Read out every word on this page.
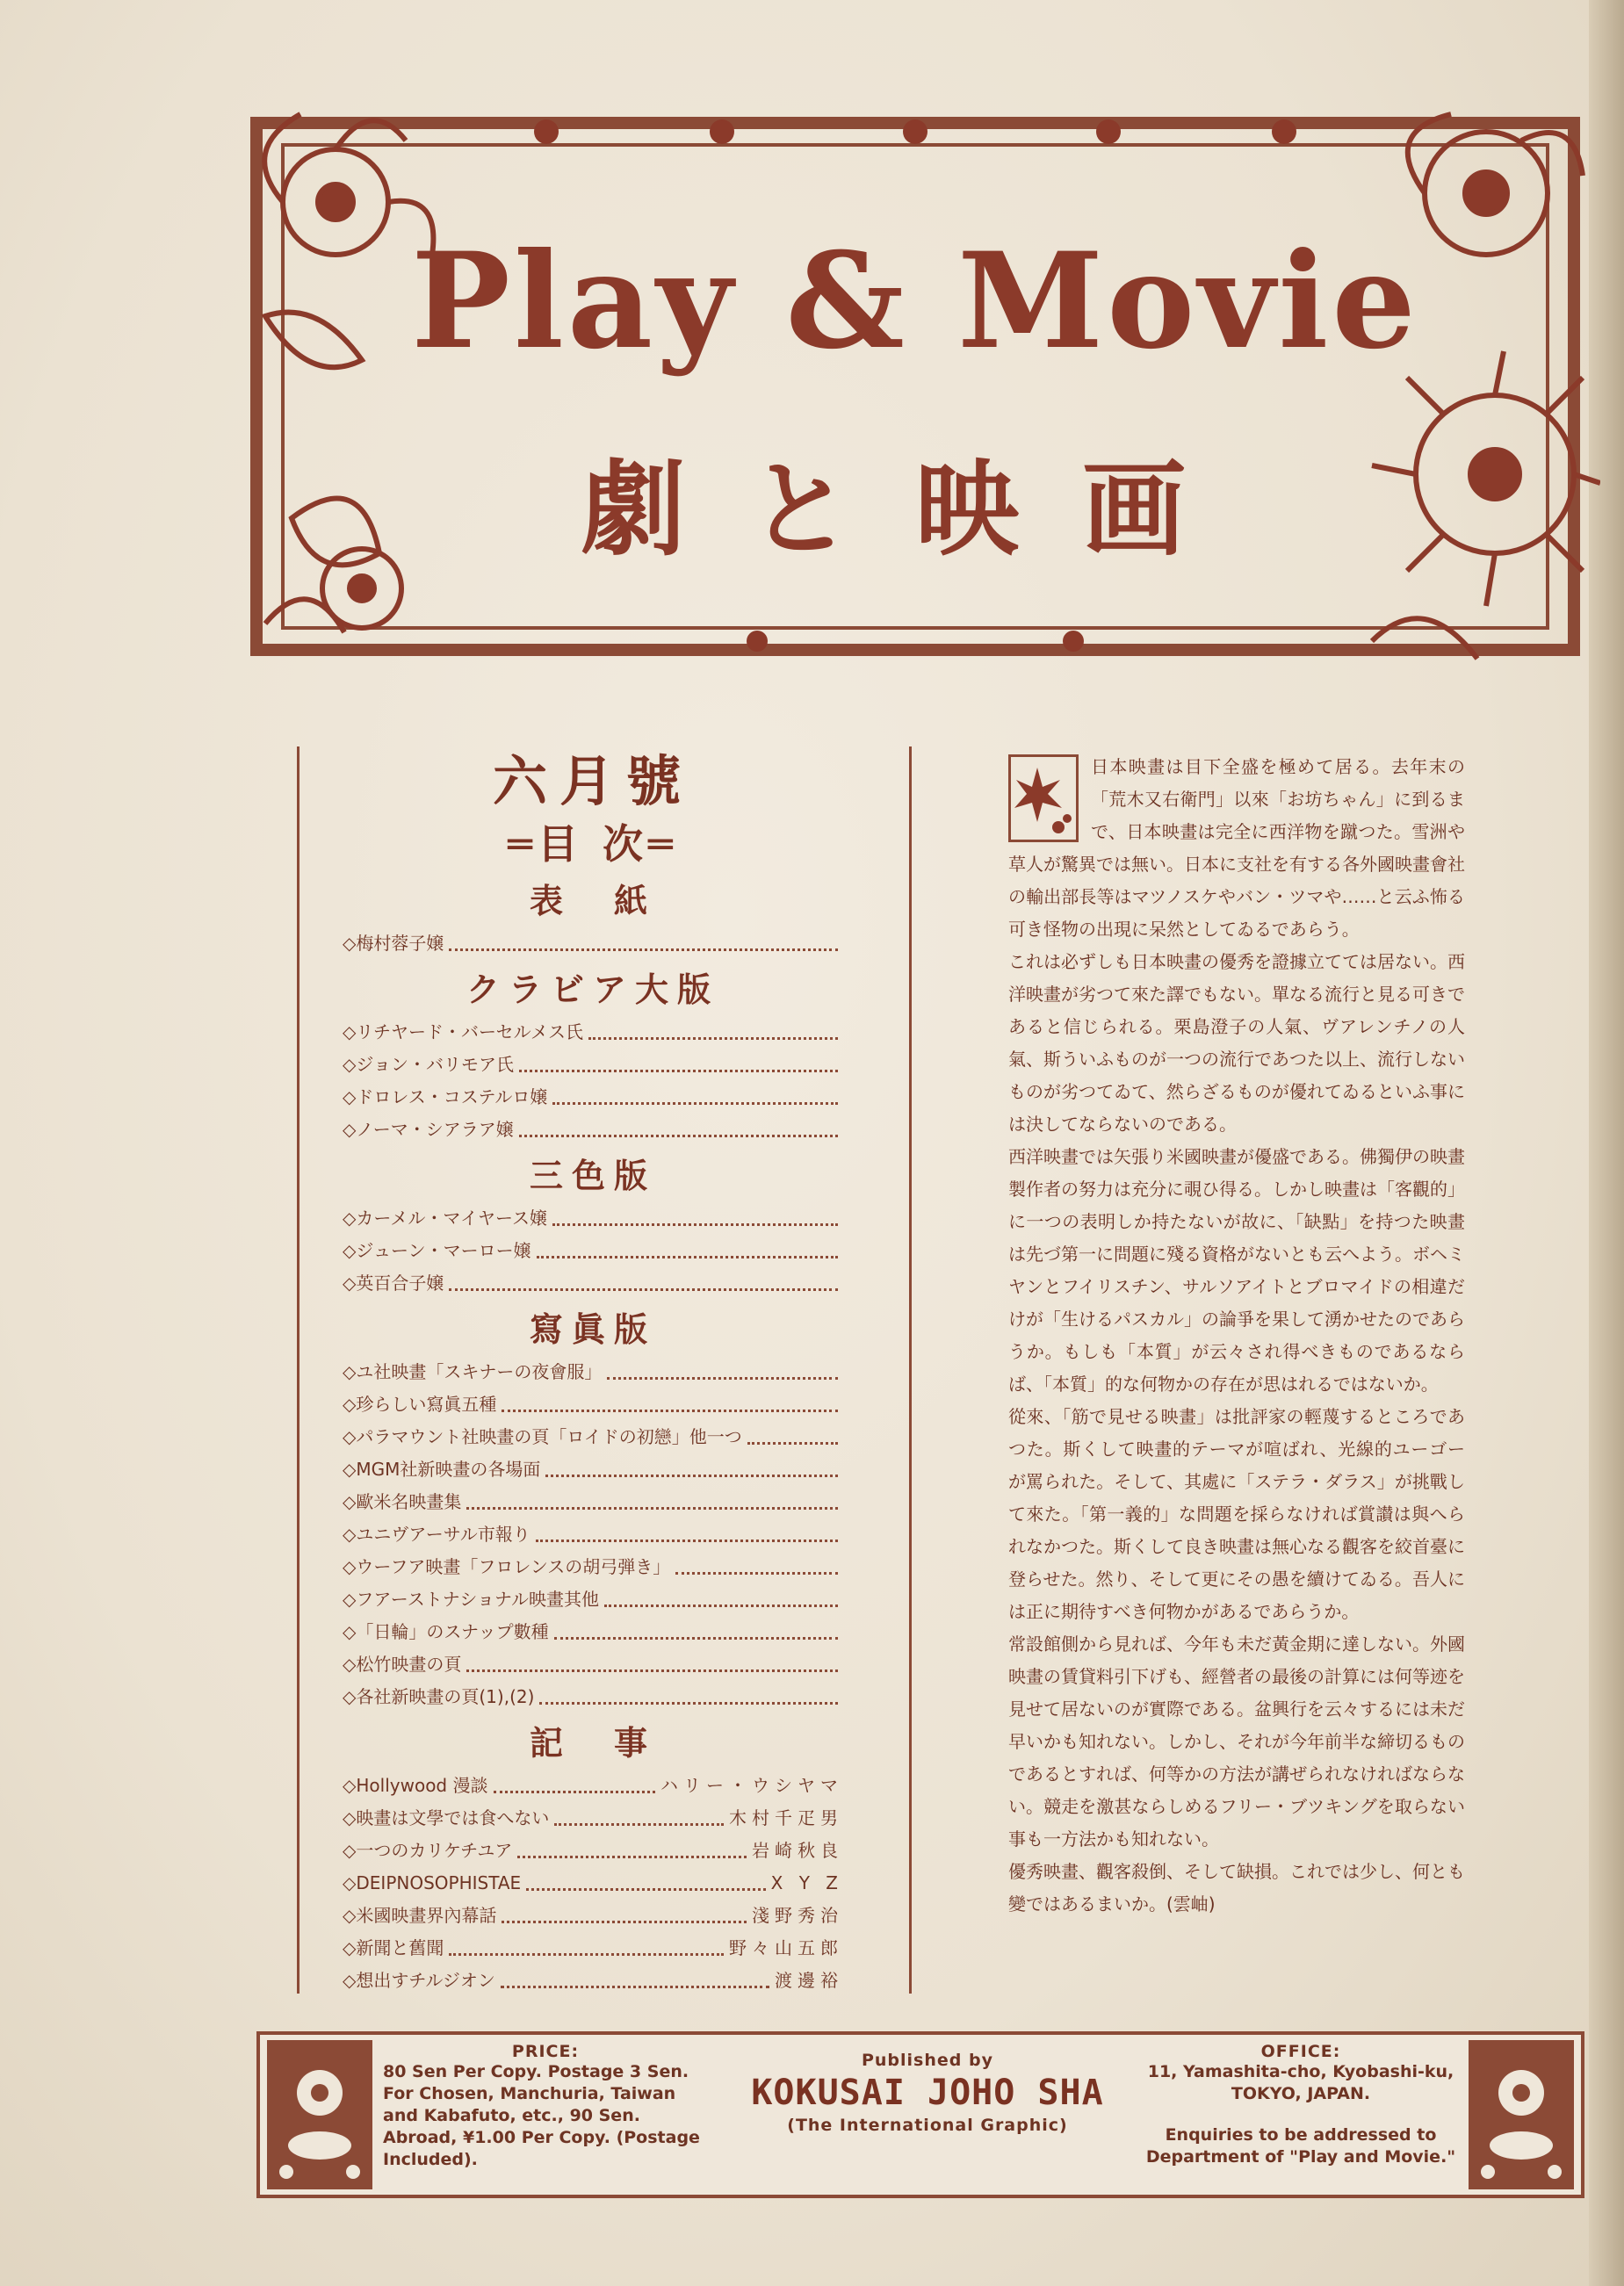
Play & Movie
劇と映画
六月號
═目 次═
表　紙
◇梅村蓉子嬢
クラビア大版
◇リチヤード・バーセルメス氏
◇ジョン・バリモア氏
◇ドロレス・コステルロ嬢
◇ノーマ・シアラア嬢
三色版
◇カーメル・マイヤース嬢
◇ジューン・マーロー嬢
◇英百合子嬢
寫眞版
◇ユ社映畫「スキナーの夜會服」
◇珍らしい寫眞五種
◇パラマウント社映畫の頁「ロイドの初戀」他一つ
◇MGM社新映畫の各場面
◇歐米名映畫集
◇ユニヴアーサル市報り
◇ウーフア映畫「フロレンスの胡弓弾き」
◇フアーストナショナル映畫其他
◇「日輪」のスナップ數種
◇松竹映畫の頁
◇各社新映畫の頁(1),(2)
記　事
◇Hollywood 漫談	ハリー・ウシヤマ
◇映畫は文學では食へない	木村千疋男
◇一つのカリケチユア	岩崎秋良
◇DEIPNOSOPHISTAE	X Y Z
◇米國映畫界內幕話	淺野秀治
◇新聞と舊聞	野々山五郎
◇想出すチルジオン	渡邊裕

日本映畫は目下全盛を極めて居る。去年末の「荒木又右衛門」以來「お坊ちゃん」に到るまで、日本映畫は完全に西洋物を蹴つた。雪洲や草人が驚異では無い。日本に支社を有する各外國映畫會社の輸出部長等はマツノスケやバン・ツマや……と云ふ怖る可き怪物の出現に呆然としてゐるであらう。

これは必ずしも日本映畫の優秀を證據立てては居ない。西洋映畫が劣つて來た譯でもない。單なる流行と見る可きであると信じられる。栗島澄子の人氣、ヴアレンチノの人氣、斯ういふものが一つの流行であつた以上、流行しないものが劣つてゐて、然らざるものが優れてゐるといふ事には決してならないのである。

西洋映畫では矢張り米國映畫が優盛である。佛獨伊の映畫製作者の努力は充分に覗ひ得る。しかし映畫は「客觀的」に一つの表明しか持たないが故に、「缺點」を持つた映畫は先づ第一に問題に殘る資格がないとも云へよう。ボヘミヤンとフイリスチン、サルソアイトとブロマイドの相違だけが「生けるパスカル」の論爭を果して湧かせたのであらうか。もしも「本質」が云々され得べきものであるならば、「本質」的な何物かの存在が思はれるではないか。

從來、「筋で見せる映畫」は批評家の輕蔑するところであつた。斯くして映畫的テーマが喧ばれ、光線的ユーゴーが罵られた。そして、其處に「ステラ・ダラス」が挑戰して來た。「第一義的」な問題を採らなければ賞讃は與へられなかつた。斯くして良き映畫は無心なる觀客を絞首臺に登らせた。然り、そして更にその愚を續けてゐる。吾人には正に期待すべき何物かがあるであらうか。

常設館側から見れば、今年も未だ黃金期に達しない。外國映畫の賃貸料引下げも、經營者の最後の計算には何等迹を見せて居ないのが實際である。盆興行を云々するには未だ早いかも知れない。しかし、それが今年前半な締切るものであるとすれば、何等かの方法が講ぜられなければならない。競走を激甚ならしめるフリー・ブツキングを取らない事も一方法かも知れない。

優秀映畫、觀客殺倒、そして缺損。これでは少し、何とも變ではあるまいか。(雲岫)

PRICE:
80 Sen Per Copy. Postage 3 Sen.
For Chosen, Manchuria, Taiwan
and Kabafuto, etc., 90 Sen.
Abroad, ¥1.00 Per Copy. (Postage
Included).
Published by
KOKUSAI JOHO SHA
(The International Graphic)
OFFICE:
11, Yamashita-cho, Kyobashi-ku,
TOKYO, JAPAN.
Enquiries to be addressed to
Department of "Play and Movie."
